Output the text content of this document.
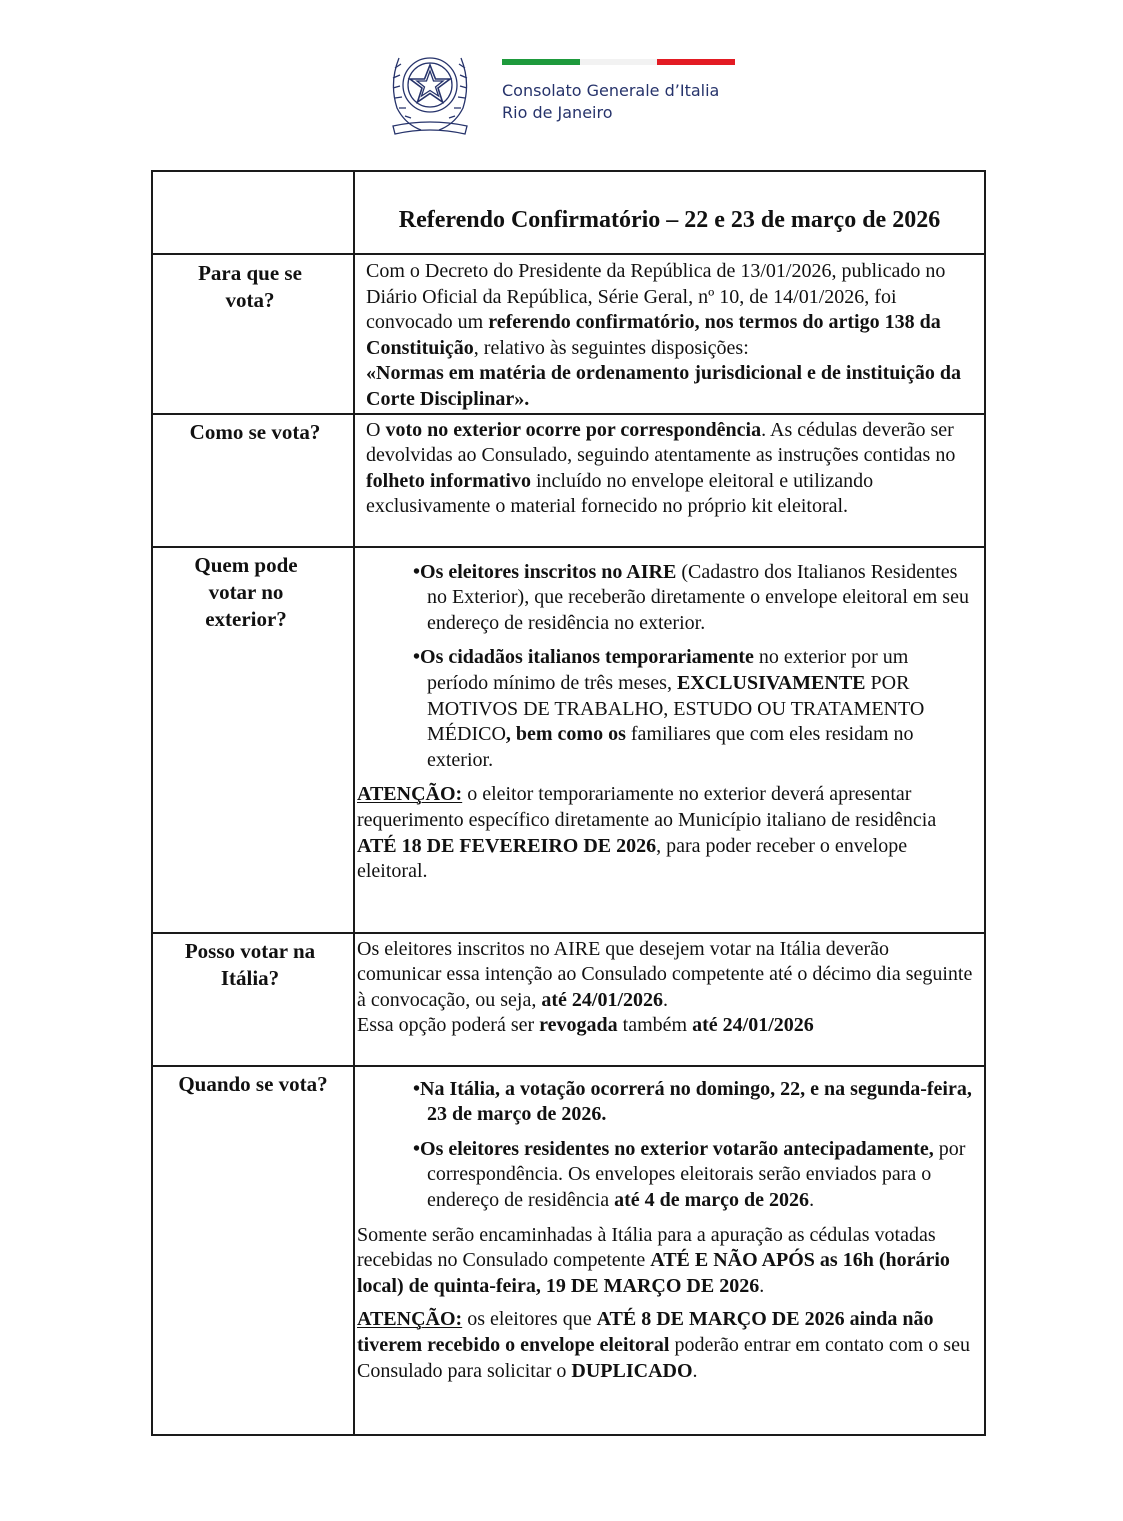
Consolato Generale d’Italia
Rio de Janeiro

	Referendo Confirmatório – 22 e 23 de março de 2026

Para que se vota?	Com o Decreto do Presidente da República de 13/01/2026, publicado no Diário Oficial da República, Série Geral, nº 10, de 14/01/2026, foi convocado um referendo confirmatório, nos termos do artigo 138 da Constituição, relativo às seguintes disposições:
«Normas em matéria de ordenamento jurisdicional e de instituição da Corte Disciplinar».

Como se vota?	O voto no exterior ocorre por correspondência. As cédulas deverão ser devolvidas ao Consulado, seguindo atentamente as instruções contidas no folheto informativo incluído no envelope eleitoral e utilizando exclusivamente o material fornecido no próprio kit eleitoral.

Quem pode votar no exterior?	• Os eleitores inscritos no AIRE (Cadastro dos Italianos Residentes no Exterior), que receberão diretamente o envelope eleitoral em seu endereço de residência no exterior.

• Os cidadãos italianos temporariamente no exterior por um período mínimo de três meses, EXCLUSIVAMENTE POR MOTIVOS DE TRABALHO, ESTUDO OU TRATAMENTO MÉDICO, bem como os familiares que com eles residam no exterior.

ATENÇÃO: o eleitor temporariamente no exterior deverá apresentar requerimento específico diretamente ao Município italiano de residência ATÉ 18 DE FEVEREIRO DE 2026, para poder receber o envelope eleitoral.

Posso votar na Itália?	Os eleitores inscritos no AIRE que desejem votar na Itália deverão comunicar essa intenção ao Consulado competente até o décimo dia seguinte à convocação, ou seja, até 24/01/2026.
Essa opção poderá ser revogada também até 24/01/2026

Quando se vota?	• Na Itália, a votação ocorrerá no domingo, 22, e na segunda-feira, 23 de março de 2026.

• Os eleitores residentes no exterior votarão antecipadamente, por correspondência. Os envelopes eleitorais serão enviados para o endereço de residência até 4 de março de 2026.

Somente serão encaminhadas à Itália para a apuração as cédulas votadas recebidas no Consulado competente ATÉ E NÃO APÓS as 16h (horário local) de quinta-feira, 19 DE MARÇO DE 2026.

ATENÇÃO: os eleitores que ATÉ 8 DE MARÇO DE 2026 ainda não tiverem recebido o envelope eleitoral poderão entrar em contato com o seu Consulado para solicitar o DUPLICADO.
